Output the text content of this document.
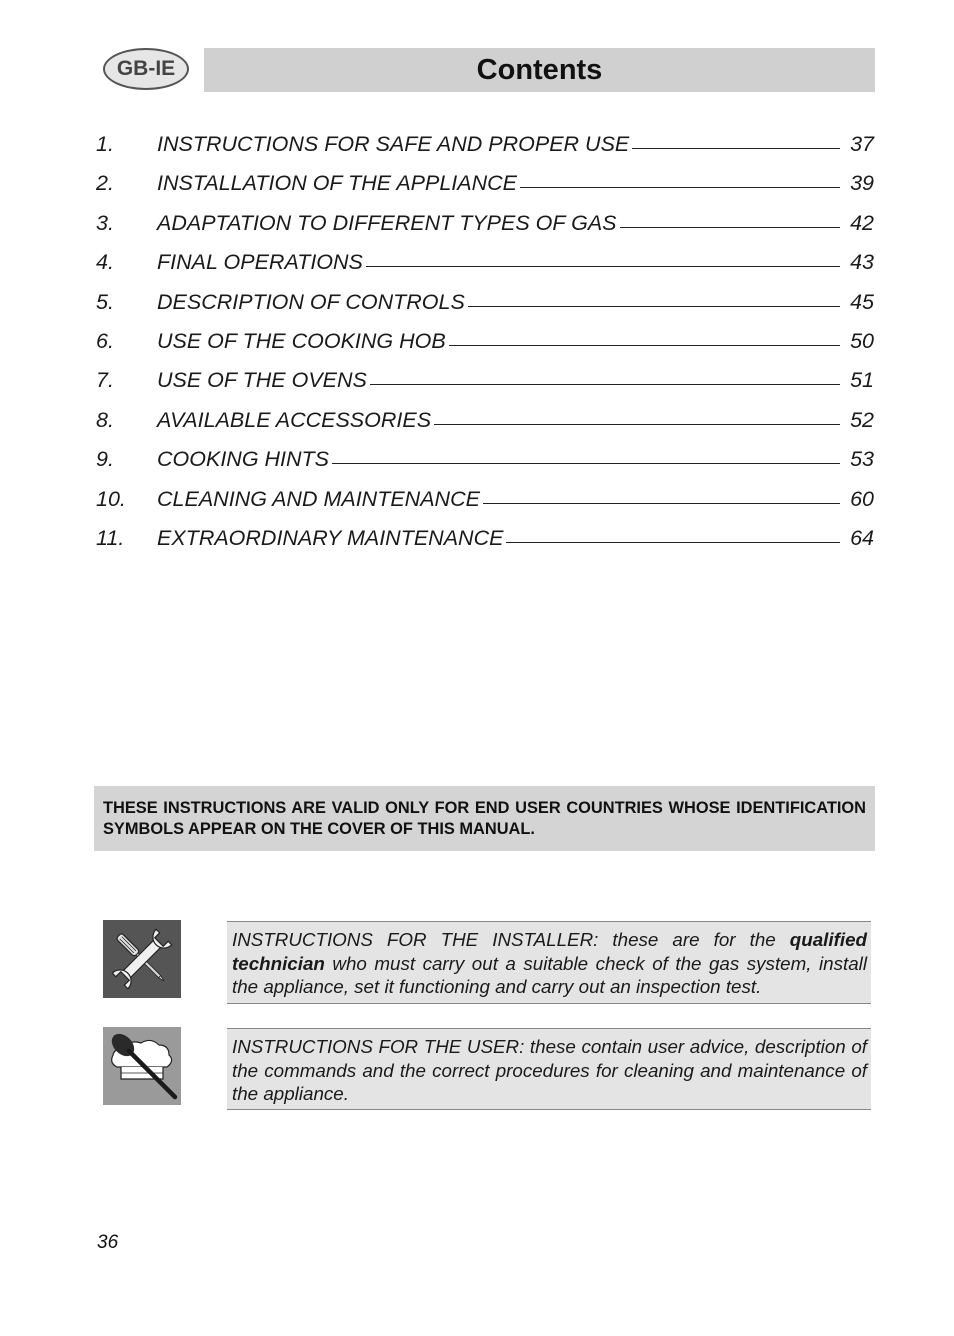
GB-IE	Contents
1.	INSTRUCTIONS FOR SAFE AND PROPER USE	37
2.	INSTALLATION OF THE APPLIANCE	39
3.	ADAPTATION TO DIFFERENT TYPES OF GAS	42
4.	FINAL OPERATIONS	43
5.	DESCRIPTION OF CONTROLS	45
6.	USE OF THE COOKING HOB	50
7.	USE OF THE OVENS	51
8.	AVAILABLE ACCESSORIES	52
9.	COOKING HINTS	53
10.	CLEANING AND MAINTENANCE	60
11.	EXTRAORDINARY MAINTENANCE	64
THESE INSTRUCTIONS ARE VALID ONLY FOR END USER COUNTRIES WHOSE IDENTIFICATION SYMBOLS APPEAR ON THE COVER OF THIS MANUAL.
INSTRUCTIONS FOR THE INSTALLER: these are for the qualified technician who must carry out a suitable check of the gas system, install the appliance, set it functioning and carry out an inspection test.
INSTRUCTIONS FOR THE USER: these contain user advice, description of the commands and the correct procedures for cleaning and maintenance of the appliance.
36
